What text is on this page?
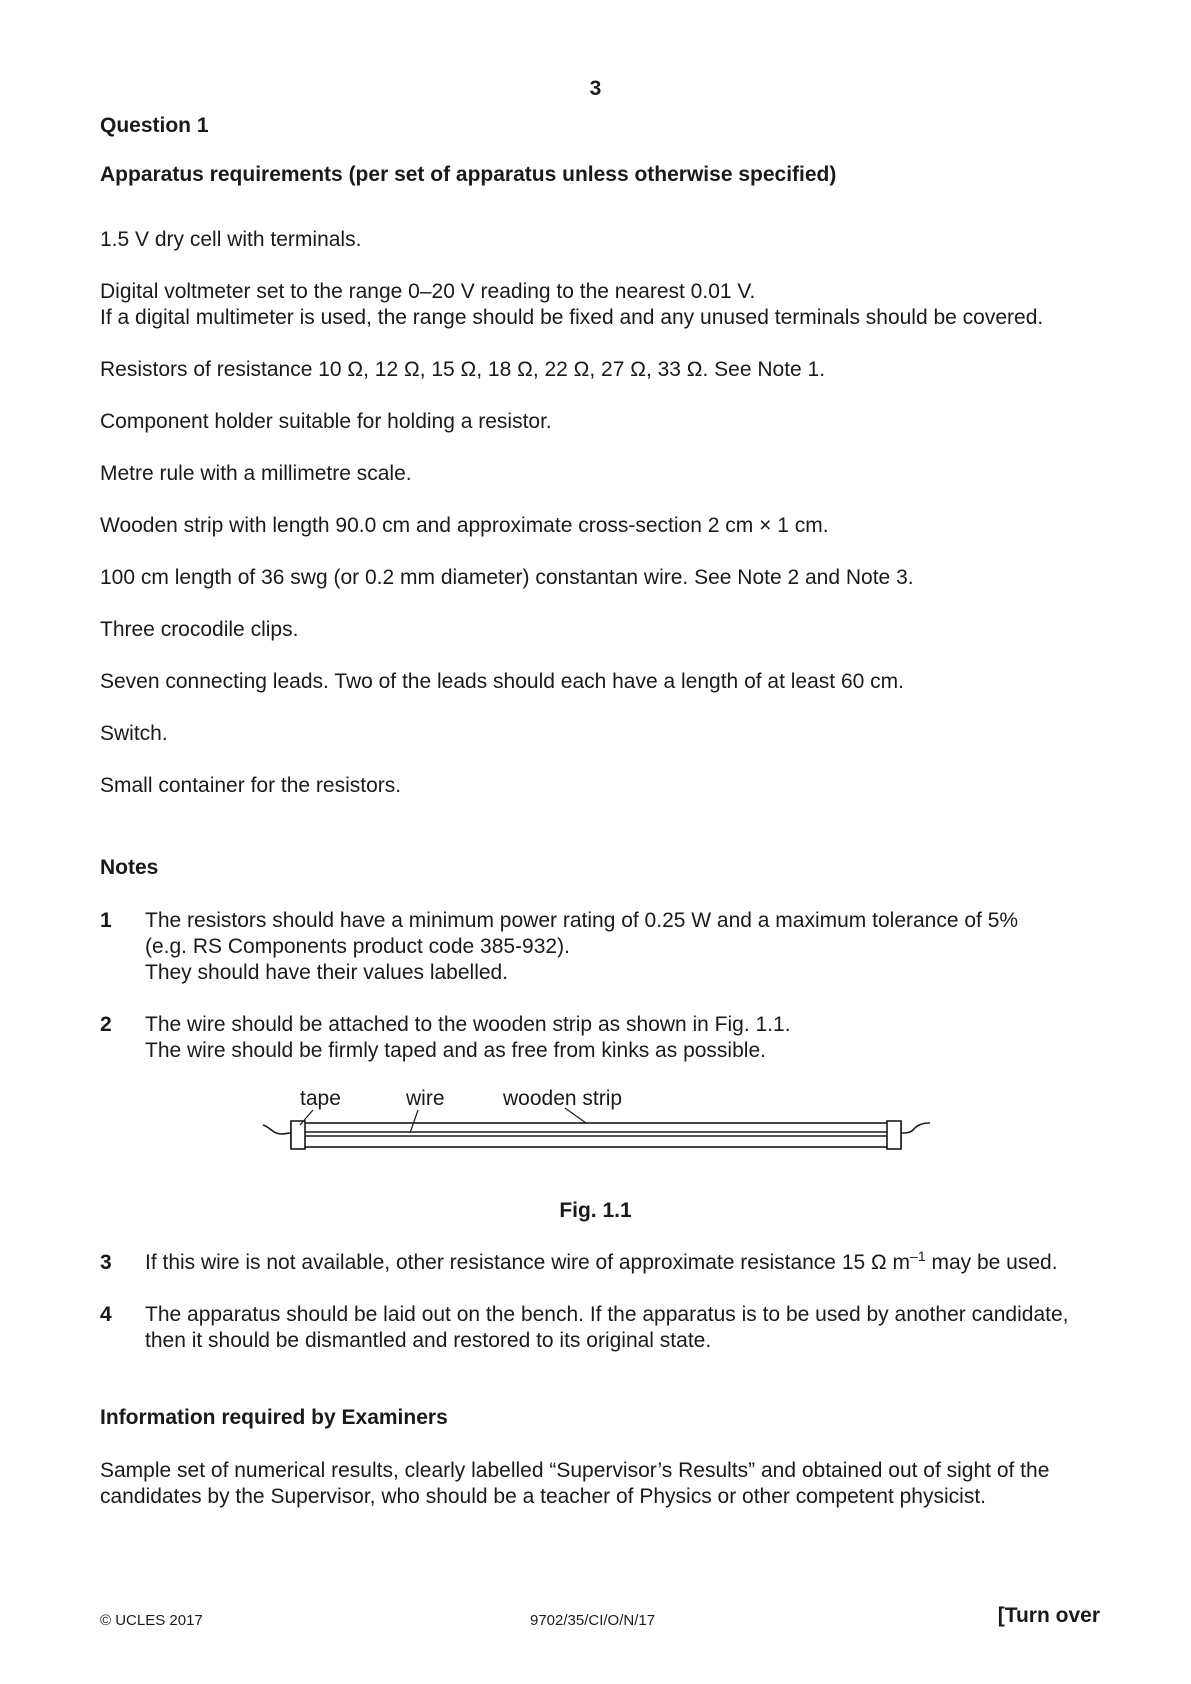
3
Question 1
Apparatus requirements (per set of apparatus unless otherwise specified)
1.5 V dry cell with terminals.
Digital voltmeter set to the range 0–20 V reading to the nearest 0.01 V.
If a digital multimeter is used, the range should be fixed and any unused terminals should be covered.
Resistors of resistance 10 Ω, 12 Ω, 15 Ω, 18 Ω, 22 Ω, 27 Ω, 33 Ω. See Note 1.
Component holder suitable for holding a resistor.
Metre rule with a millimetre scale.
Wooden strip with length 90.0 cm and approximate cross-section 2 cm × 1 cm.
100 cm length of 36 swg (or 0.2 mm diameter) constantan wire. See Note 2 and Note 3.
Three crocodile clips.
Seven connecting leads. Two of the leads should each have a length of at least 60 cm.
Switch.
Small container for the resistors.
Notes
1	The resistors should have a minimum power rating of 0.25 W and a maximum tolerance of 5%
(e.g. RS Components product code 385-932).
They should have their values labelled.
2	The wire should be attached to the wooden strip as shown in Fig. 1.1.
The wire should be firmly taped and as free from kinks as possible.
tape	wire	wooden strip
Fig. 1.1
3	If this wire is not available, other resistance wire of approximate resistance 15 Ω $m^{-1}$ may be used.
4	The apparatus should be laid out on the bench. If the apparatus is to be used by another candidate,
then it should be dismantled and restored to its original state.
Information required by Examiners
Sample set of numerical results, clearly labelled “Supervisor’s Results” and obtained out of sight of the
candidates by the Supervisor, who should be a teacher of Physics or other competent physicist.
© UCLES 2017	9702/35/CI/O/N/17	[Turn over
